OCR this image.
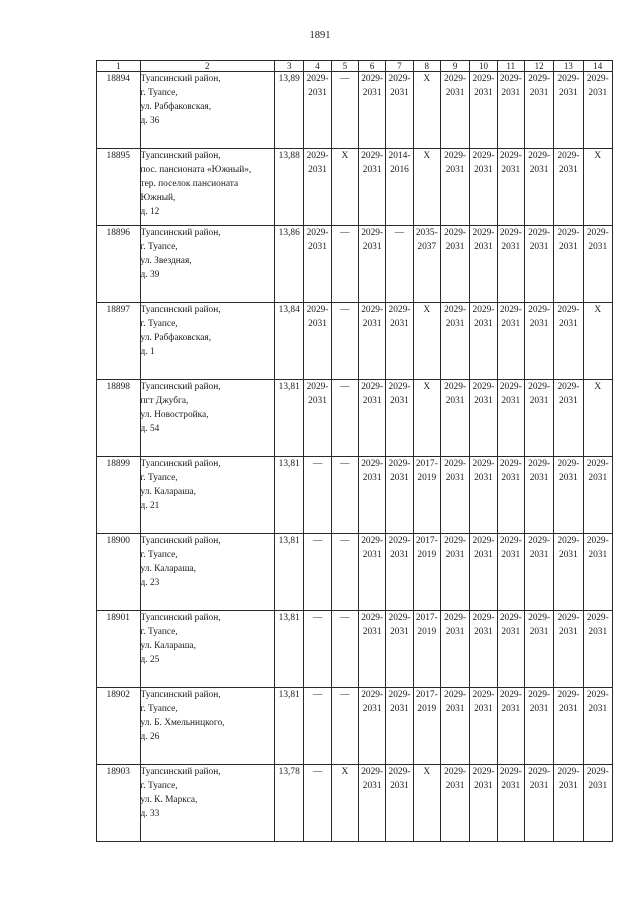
1891
1	2	3	4	5	6	7	8	9	10	11	12	13	14
18894	Туапсинский район,
г. Туапсе,
ул. Рабфаковская,
д. 36	13,89	2029-
2031	—	2029-
2031	2029-
2031	Х	2029-
2031	2029-
2031	2029-
2031	2029-
2031	2029-
2031	2029-
2031
18895	Туапсинский район,
пос. пансионата «Южный»,
тер. поселок пансионата
Южный,
д. 12	13,88	2029-
2031	Х	2029-
2031	2014-
2016	Х	2029-
2031	2029-
2031	2029-
2031	2029-
2031	2029-
2031	Х
18896	Туапсинский район,
г. Туапсе,
ул. Звездная,
д. 39	13,86	2029-
2031	—	2029-
2031	—	2035-
2037	2029-
2031	2029-
2031	2029-
2031	2029-
2031	2029-
2031	2029-
2031
18897	Туапсинский район,
г. Туапсе,
ул. Рабфаковская,
д. 1	13,84	2029-
2031	—	2029-
2031	2029-
2031	Х	2029-
2031	2029-
2031	2029-
2031	2029-
2031	2029-
2031	Х
18898	Туапсинский район,
пгт Джубга,
ул. Новостройка,
д. 54	13,81	2029-
2031	—	2029-
2031	2029-
2031	Х	2029-
2031	2029-
2031	2029-
2031	2029-
2031	2029-
2031	Х
18899	Туапсинский район,
г. Туапсе,
ул. Калараша,
д. 21	13,81	—	—	2029-
2031	2029-
2031	2017-
2019	2029-
2031	2029-
2031	2029-
2031	2029-
2031	2029-
2031	2029-
2031
18900	Туапсинский район,
г. Туапсе,
ул. Калараша,
д. 23	13,81	—	—	2029-
2031	2029-
2031	2017-
2019	2029-
2031	2029-
2031	2029-
2031	2029-
2031	2029-
2031	2029-
2031
18901	Туапсинский район,
г. Туапсе,
ул. Калараша,
д. 25	13,81	—	—	2029-
2031	2029-
2031	2017-
2019	2029-
2031	2029-
2031	2029-
2031	2029-
2031	2029-
2031	2029-
2031
18902	Туапсинский район,
г. Туапсе,
ул. Б. Хмельницкого,
д. 26	13,81	—	—	2029-
2031	2029-
2031	2017-
2019	2029-
2031	2029-
2031	2029-
2031	2029-
2031	2029-
2031	2029-
2031
18903	Туапсинский район,
г. Туапсе,
ул. К. Маркса,
д. 33	13,78	—	Х	2029-
2031	2029-
2031	Х	2029-
2031	2029-
2031	2029-
2031	2029-
2031	2029-
2031	2029-
2031
